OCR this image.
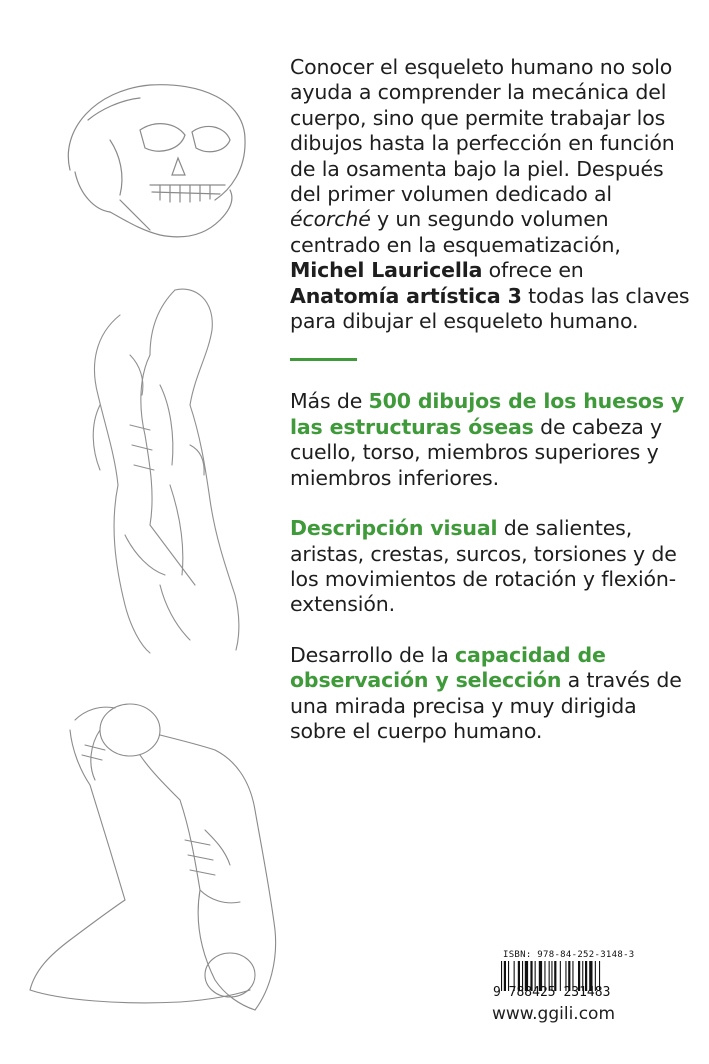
Conocer el esqueleto humano no solo ayuda a comprender la mecánica del cuerpo, sino que permite trabajar los dibujos hasta la perfección en función de la osamenta bajo la piel. Después del primer volumen dedicado al écorché y un segundo volumen centrado en la esquematización, Michel Lauricella ofrece en Anatomía artística 3 todas las claves para dibujar el esqueleto humano.

Más de 500 dibujos de los huesos y las estructuras óseas de cabeza y cuello, torso, miembros superiores y miembros inferiores.

Descripción visual de salientes, aristas, crestas, surcos, torsiones y de los movimientos de rotación y flexión-extensión.

Desarrollo de la capacidad de observación y selección a través de una mirada precisa y muy dirigida sobre el cuerpo humano.

ISBN: 978-84-252-3148-3
9 788425 231483
www.ggili.com
